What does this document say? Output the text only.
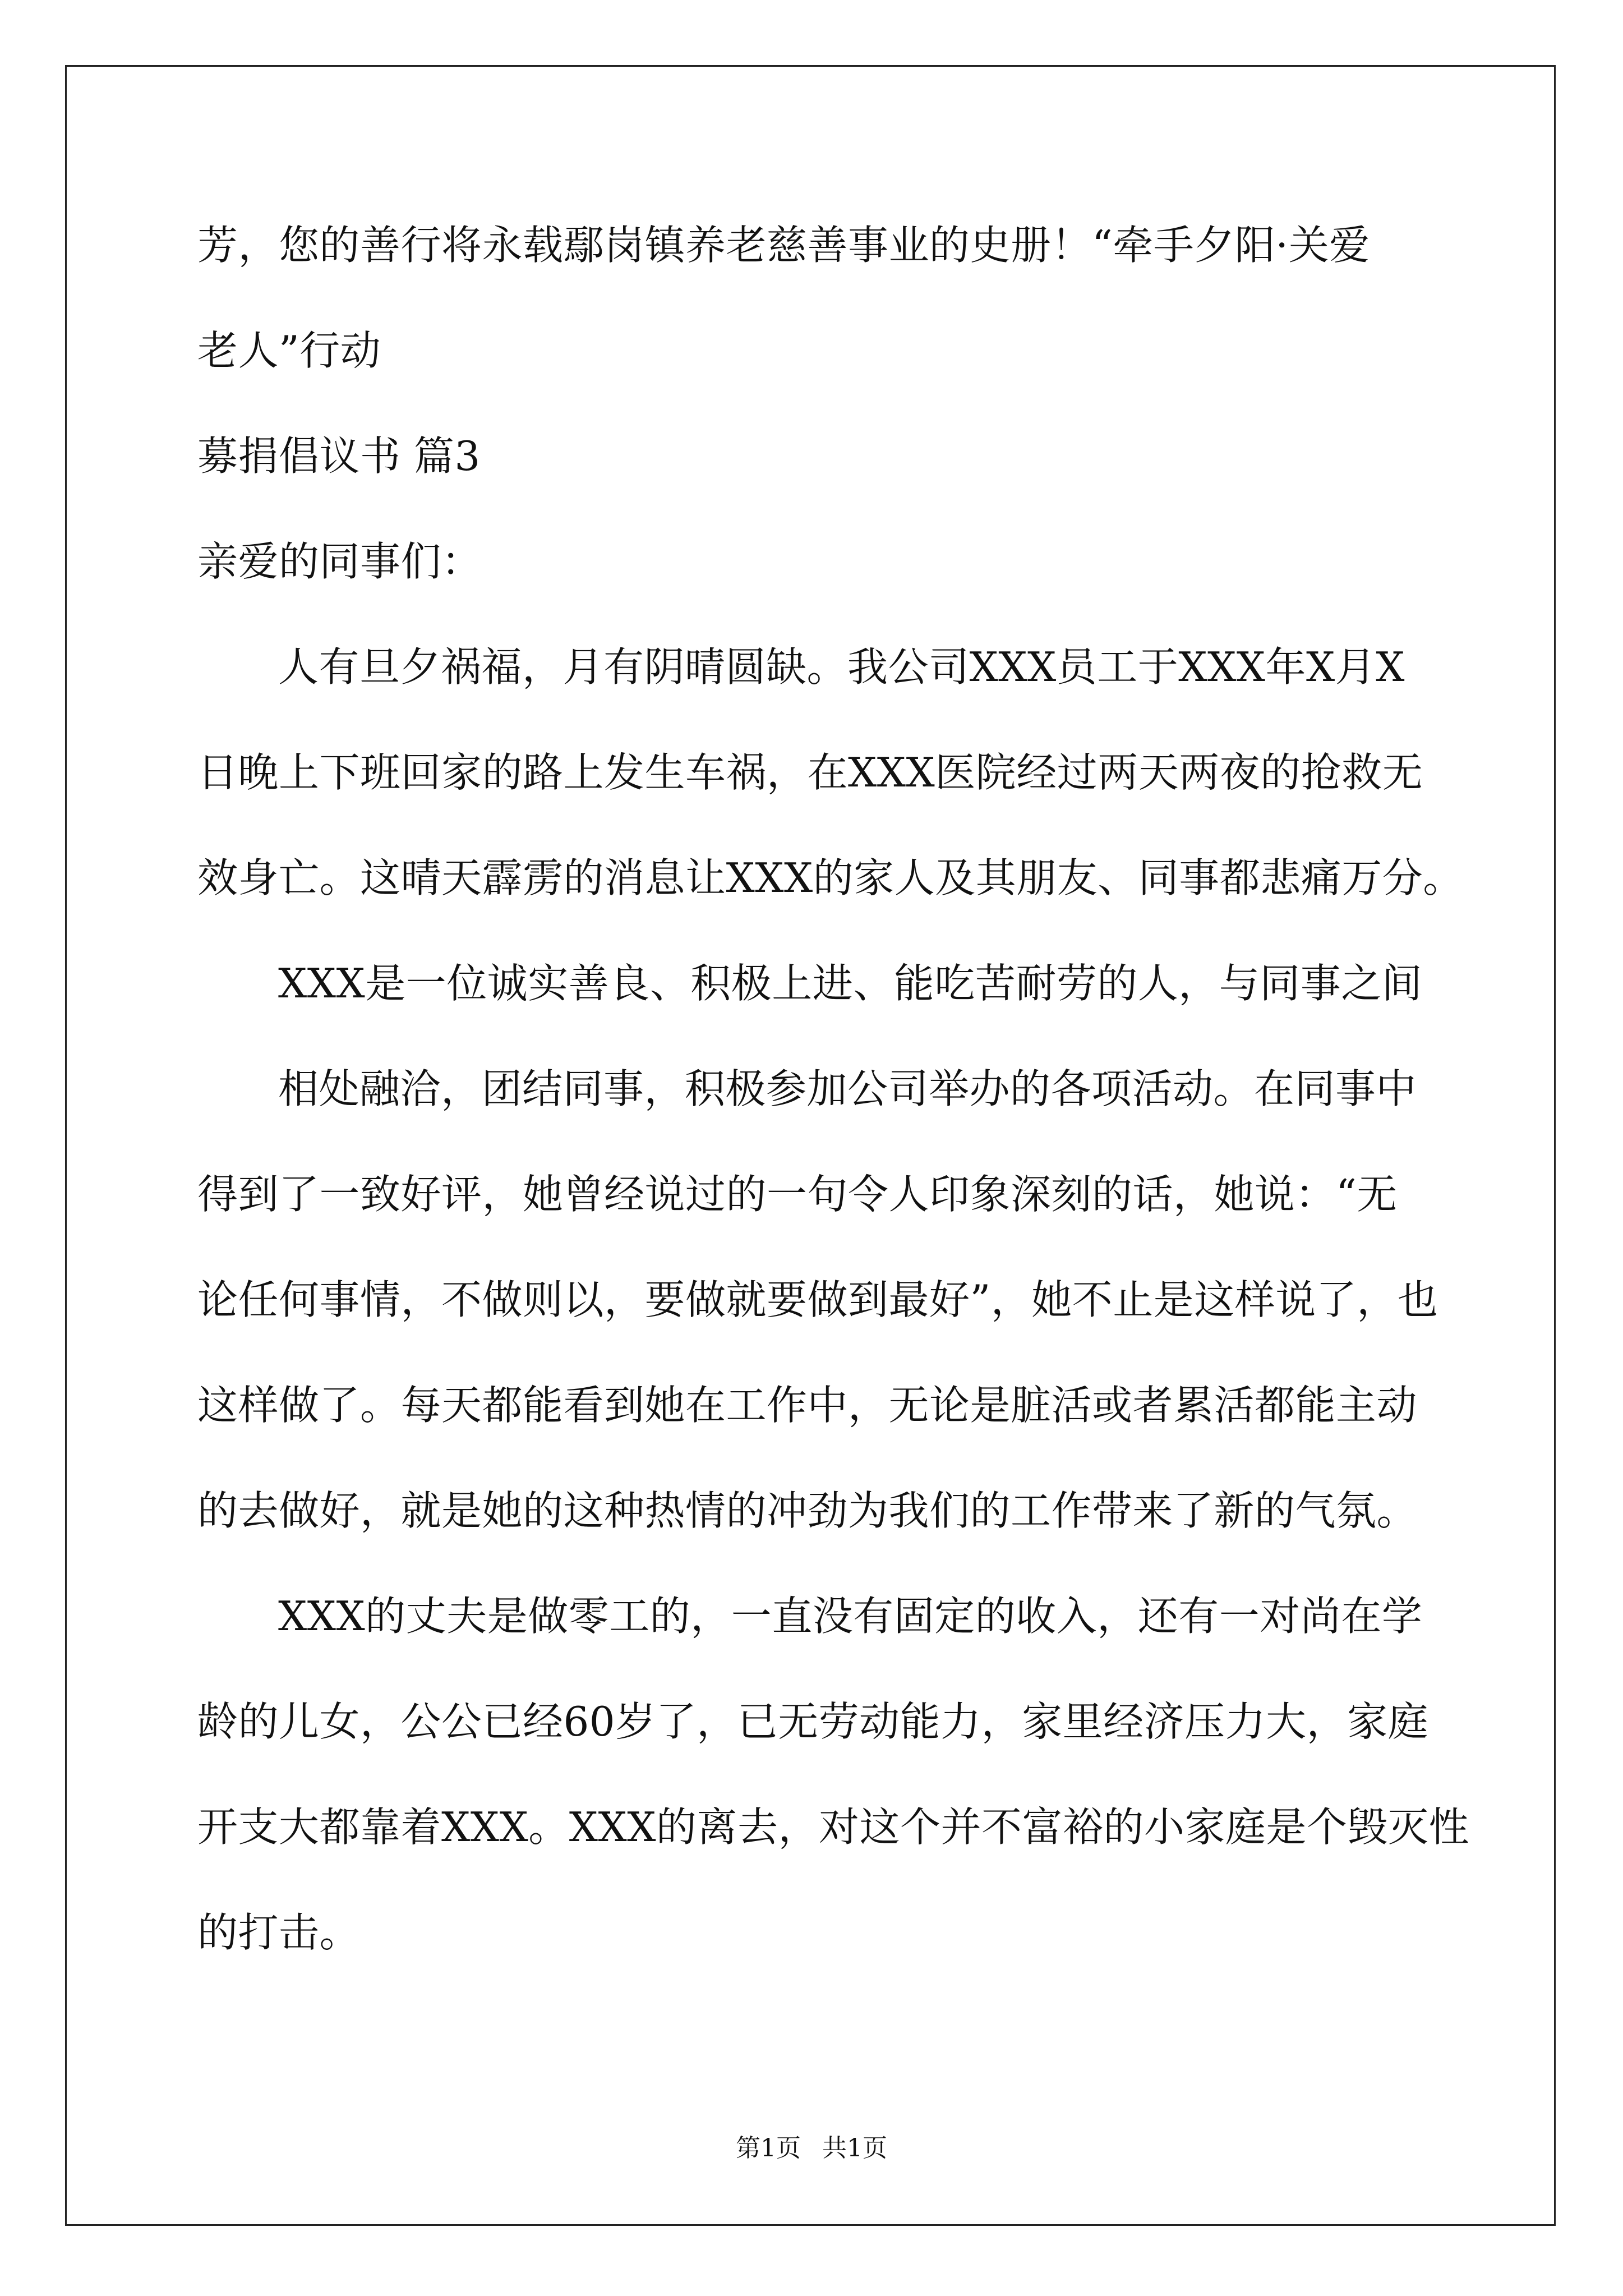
芳，您的善行将永载鄢岗镇养老慈善事业的史册！“牵手夕阳·关爱
老人”行动
募捐倡议书 篇3
亲爱的同事们：
人有旦夕祸福，月有阴晴圆缺。我公司XXX员工于XXX年X月X
日晚上下班回家的路上发生车祸，在XXX医院经过两天两夜的抢救无
效身亡。这晴天霹雳的消息让XXX的家人及其朋友、同事都悲痛万分。
XXX是一位诚实善良、积极上进、能吃苦耐劳的人，与同事之间
相处融洽，团结同事，积极参加公司举办的各项活动。在同事中
得到了一致好评，她曾经说过的一句令人印象深刻的话，她说：“无
论任何事情，不做则以，要做就要做到最好”，她不止是这样说了，也
这样做了。每天都能看到她在工作中，无论是脏活或者累活都能主动
的去做好，就是她的这种热情的冲劲为我们的工作带来了新的气氛。
XXX的丈夫是做零工的，一直没有固定的收入，还有一对尚在学
龄的儿女，公公已经60岁了，已无劳动能力，家里经济压力大，家庭
开支大都靠着XXX。XXX的离去，对这个并不富裕的小家庭是个毁灭性
的打击。
第1页 共1页
